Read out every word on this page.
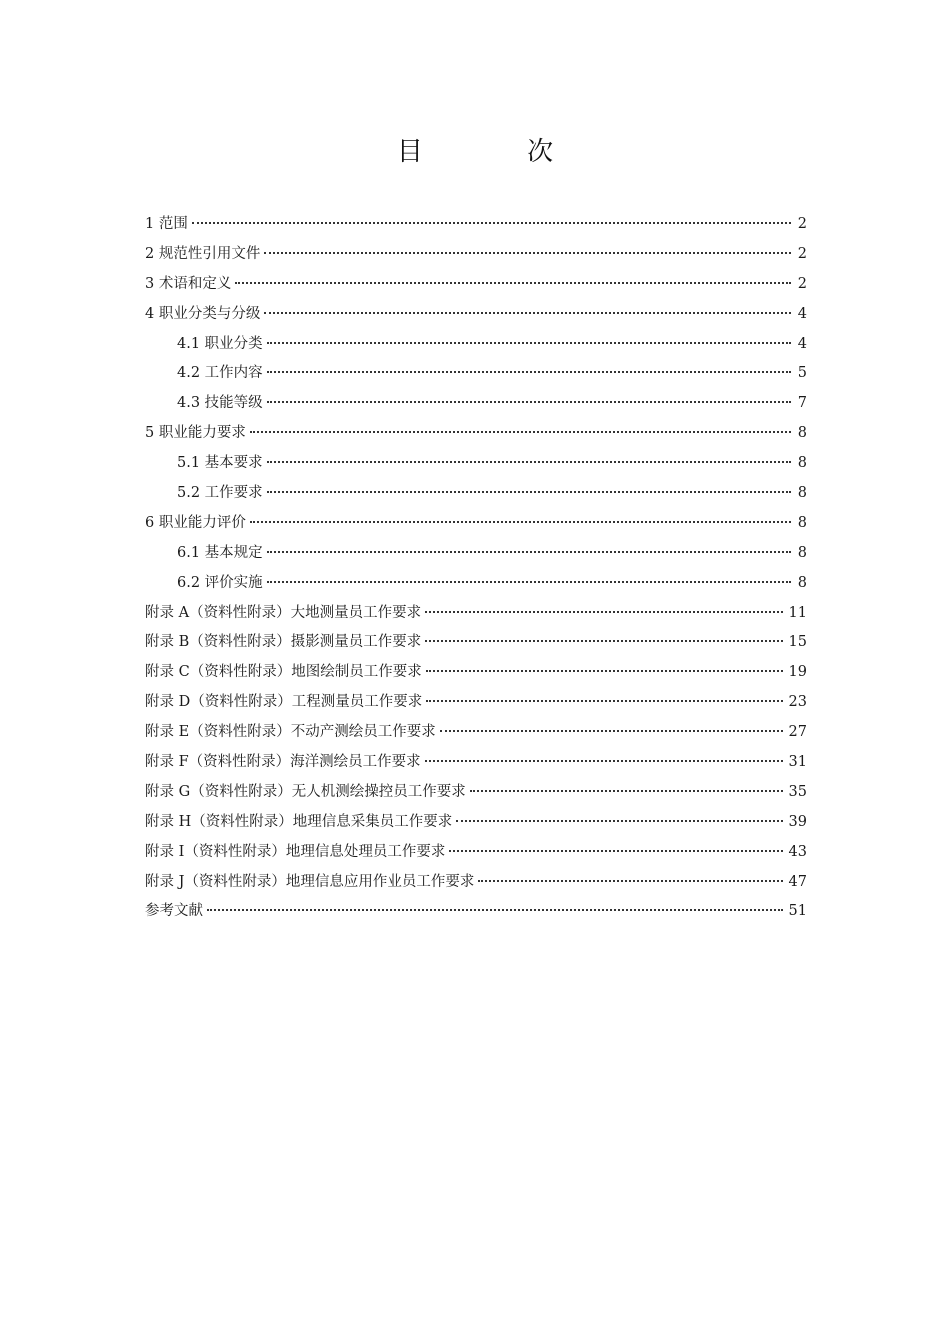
目 次
1 范围	2
2 规范性引用文件	2
3 术语和定义	2
4 职业分类与分级	4
4.1 职业分类	4
4.2 工作内容	5
4.3 技能等级	7
5 职业能力要求	8
5.1 基本要求	8
5.2 工作要求	8
6 职业能力评价	8
6.1 基本规定	8
6.2 评价实施	8
附录 A（资料性附录）大地测量员工作要求	11
附录 B（资料性附录）摄影测量员工作要求	15
附录 C（资料性附录）地图绘制员工作要求	19
附录 D（资料性附录）工程测量员工作要求	23
附录 E（资料性附录）不动产测绘员工作要求	27
附录 F（资料性附录）海洋测绘员工作要求	31
附录 G（资料性附录）无人机测绘操控员工作要求	35
附录 H（资料性附录）地理信息采集员工作要求	39
附录 I（资料性附录）地理信息处理员工作要求	43
附录 J（资料性附录）地理信息应用作业员工作要求	47
参考文献	51
